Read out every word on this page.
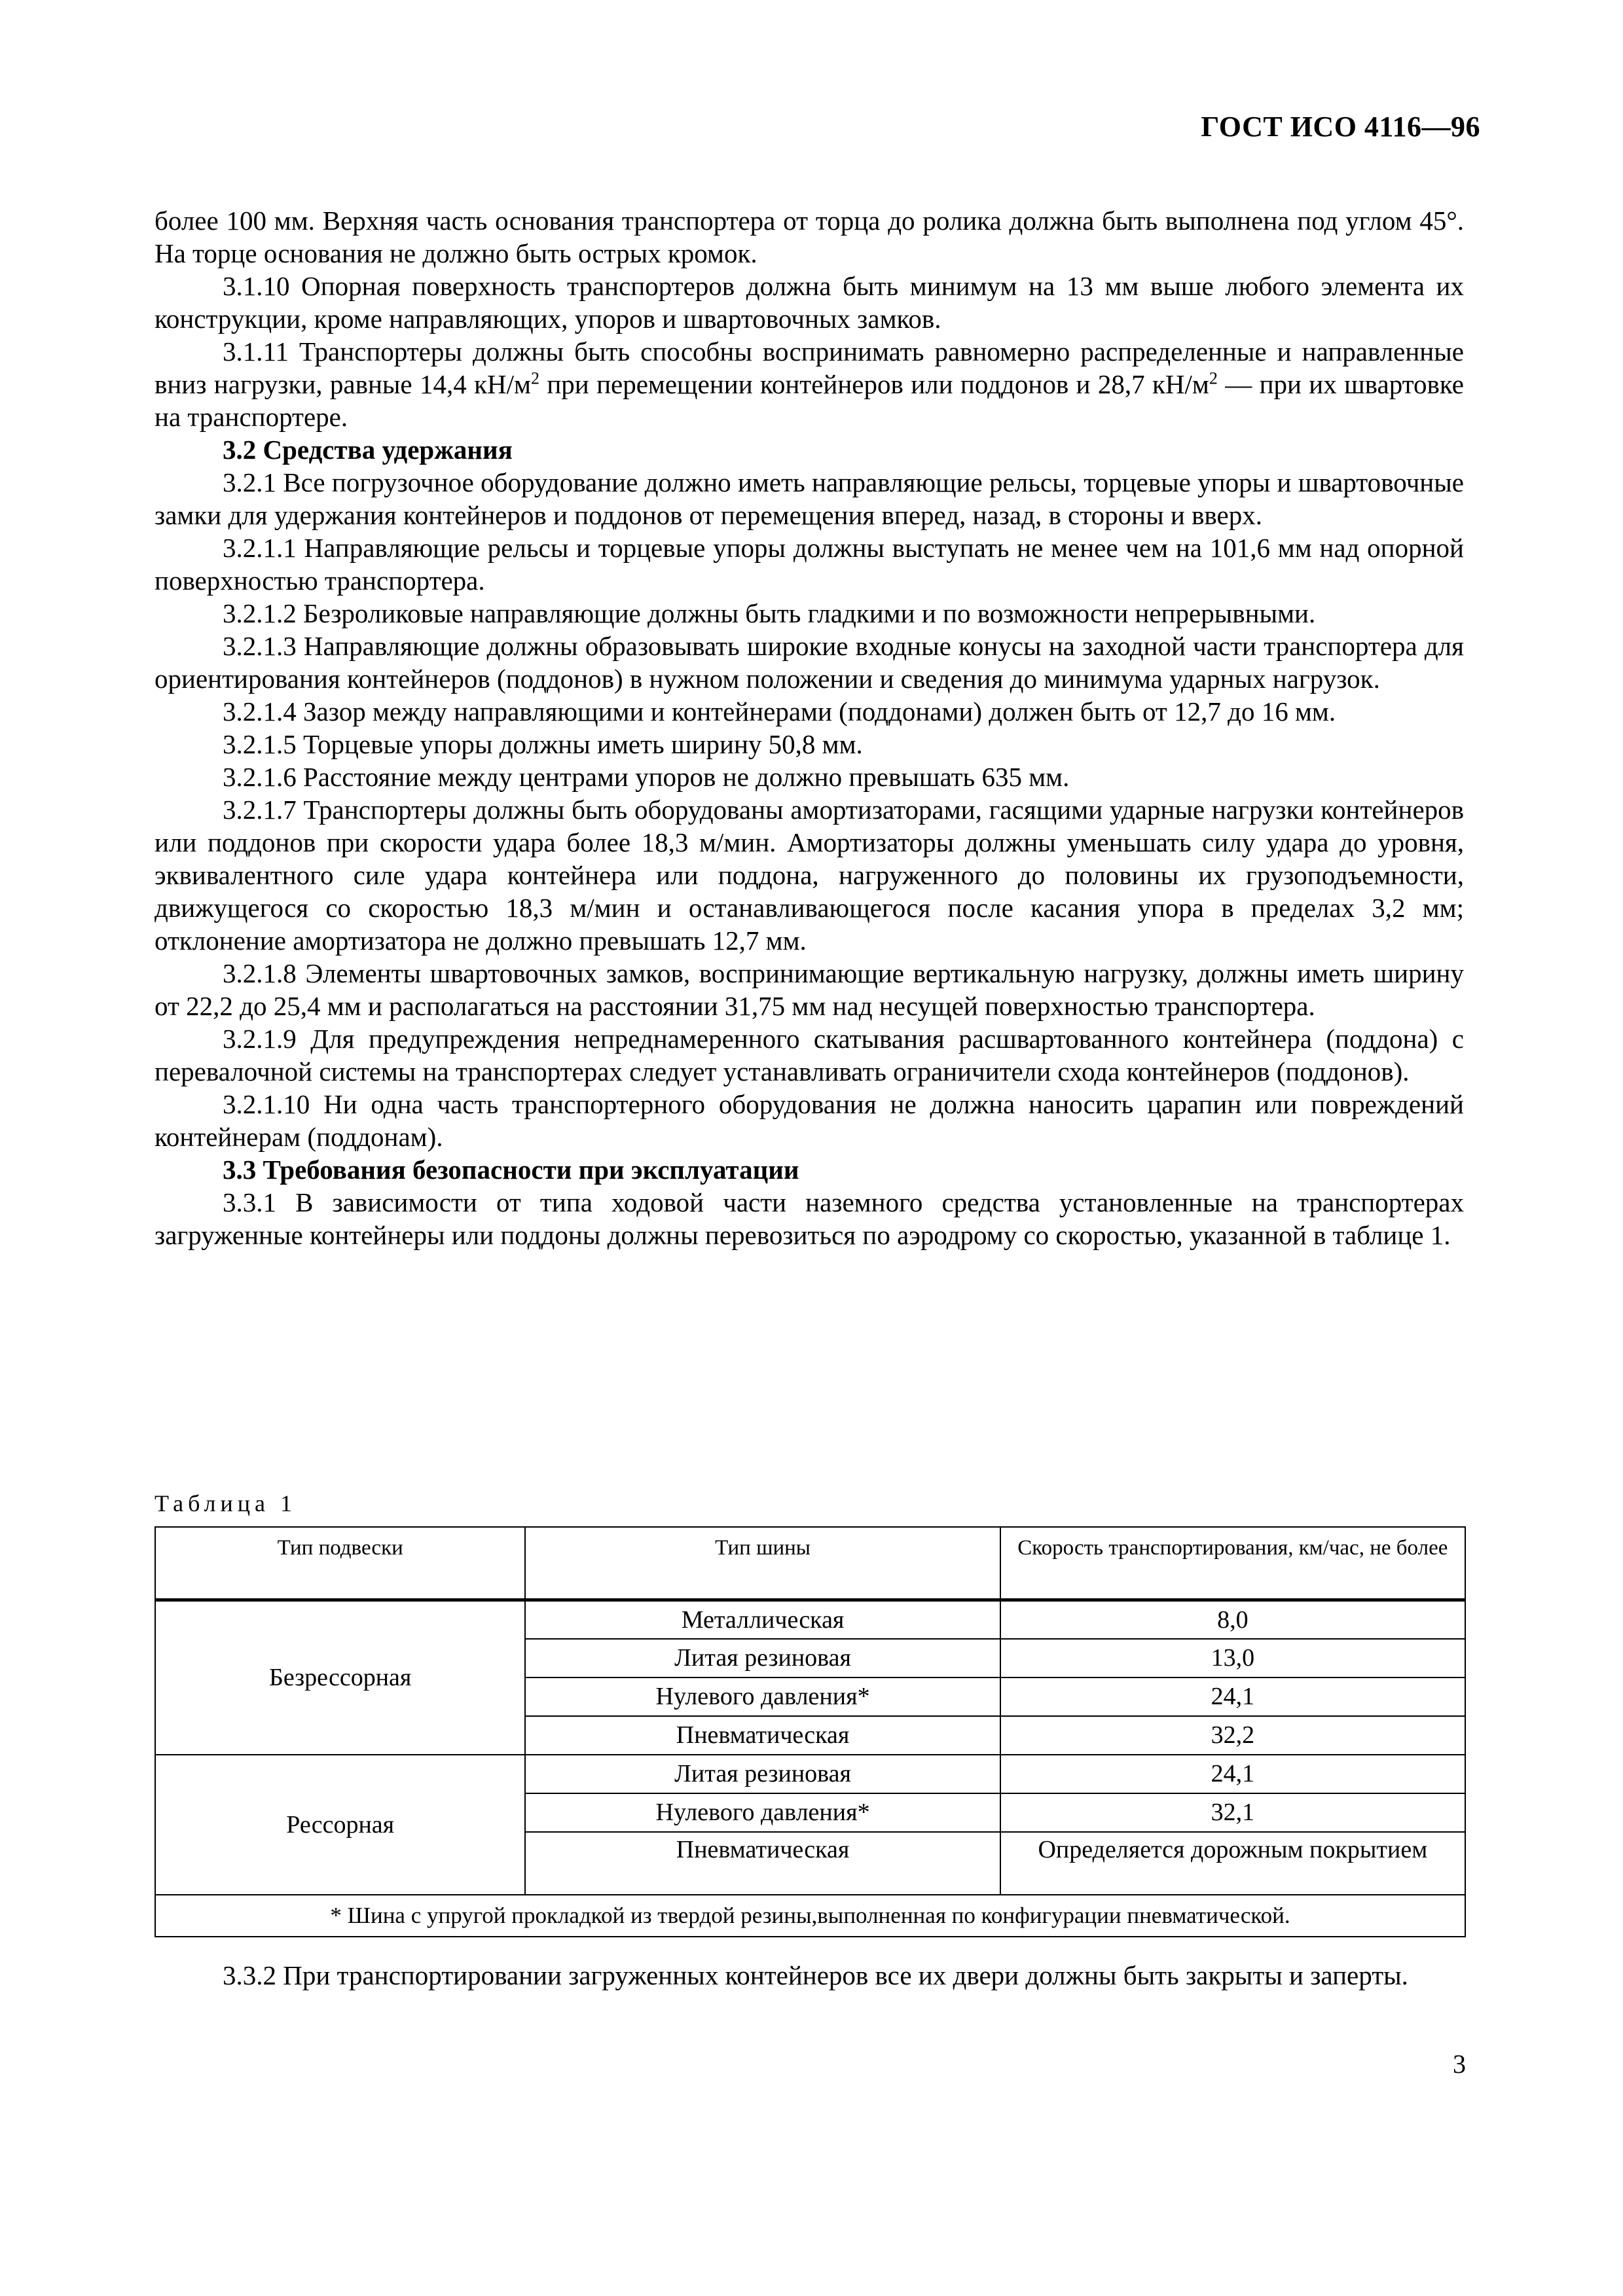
ГОСТ ИСО 4116—96

более 100 мм. Верхняя часть основания транспортера от торца до ролика должна быть выполнена под углом 45°. На торце основания не должно быть острых кромок.

3.1.10 Опорная поверхность транспортеров должна быть минимум на 13 мм выше любого элемента их конструкции, кроме направляющих, упоров и швартовочных замков.

3.1.11 Транспортеры должны быть способны воспринимать равномерно распределенные и направленные вниз нагрузки, равные 14,4 $кН/м^2$ при перемещении контейнеров или поддонов и 28,7 $кН/м^2$ — при их швартовке на транспортере.

3.2 Средства удержания

3.2.1 Все погрузочное оборудование должно иметь направляющие рельсы, торцевые упоры и швартовочные замки для удержания контейнеров и поддонов от перемещения вперед, назад, в стороны и вверх.

3.2.1.1 Направляющие рельсы и торцевые упоры должны выступать не менее чем на 101,6 мм над опорной поверхностью транспортера.

3.2.1.2 Безроликовые направляющие должны быть гладкими и по возможности непрерывными.

3.2.1.3 Направляющие должны образовывать широкие входные конусы на заходной части транспортера для ориентирования контейнеров (поддонов) в нужном положении и сведения до минимума ударных нагрузок.

3.2.1.4 Зазор между направляющими и контейнерами (поддонами) должен быть от 12,7 до 16 мм.

3.2.1.5 Торцевые упоры должны иметь ширину 50,8 мм.

3.2.1.6 Расстояние между центрами упоров не должно превышать 635 мм.

3.2.1.7 Транспортеры должны быть оборудованы амортизаторами, гасящими ударные нагрузки контейнеров или поддонов при скорости удара более 18,3 м/мин. Амортизаторы должны уменьшать силу удара до уровня, эквивалентного силе удара контейнера или поддона, нагруженного до половины их грузоподъемности, движущегося со скоростью 18,3 м/мин и останавливающегося после касания упора в пределах 3,2 мм; отклонение амортизатора не должно превышать 12,7 мм.

3.2.1.8 Элементы швартовочных замков, воспринимающие вертикальную нагрузку, должны иметь ширину от 22,2 до 25,4 мм и располагаться на расстоянии 31,75 мм над несущей поверхностью транспортера.

3.2.1.9 Для предупреждения непреднамеренного скатывания расшвартованного контейнера (поддона) с перевалочной системы на транспортерах следует устанавливать ограничители схода контейнеров (поддонов).

3.2.1.10 Ни одна часть транспортерного оборудования не должна наносить царапин или повреждений контейнерам (поддонам).

3.3 Требования безопасности при эксплуатации

3.3.1 В зависимости от типа ходовой части наземного средства установленные на транспортерах загруженные контейнеры или поддоны должны перевозиться по аэродрому со скоростью, указанной в таблице 1.

Таблица 1
Тип подвески	Тип шины	Скорость транспортирования, км/час, не более
Безрессорная	Металлическая	8,0
	Литая резиновая	13,0
	Нулевого давления*	24,1
	Пневматическая	32,2
Рессорная	Литая резиновая	24,1
	Нулевого давления*	32,1
	Пневматическая	Определяется дорожным покрытием
* Шина с упругой прокладкой из твердой резины,выполненная по конфигурации пневматической.		

3.3.2 При транспортировании загруженных контейнеров все их двери должны быть закрыты и заперты.

3
